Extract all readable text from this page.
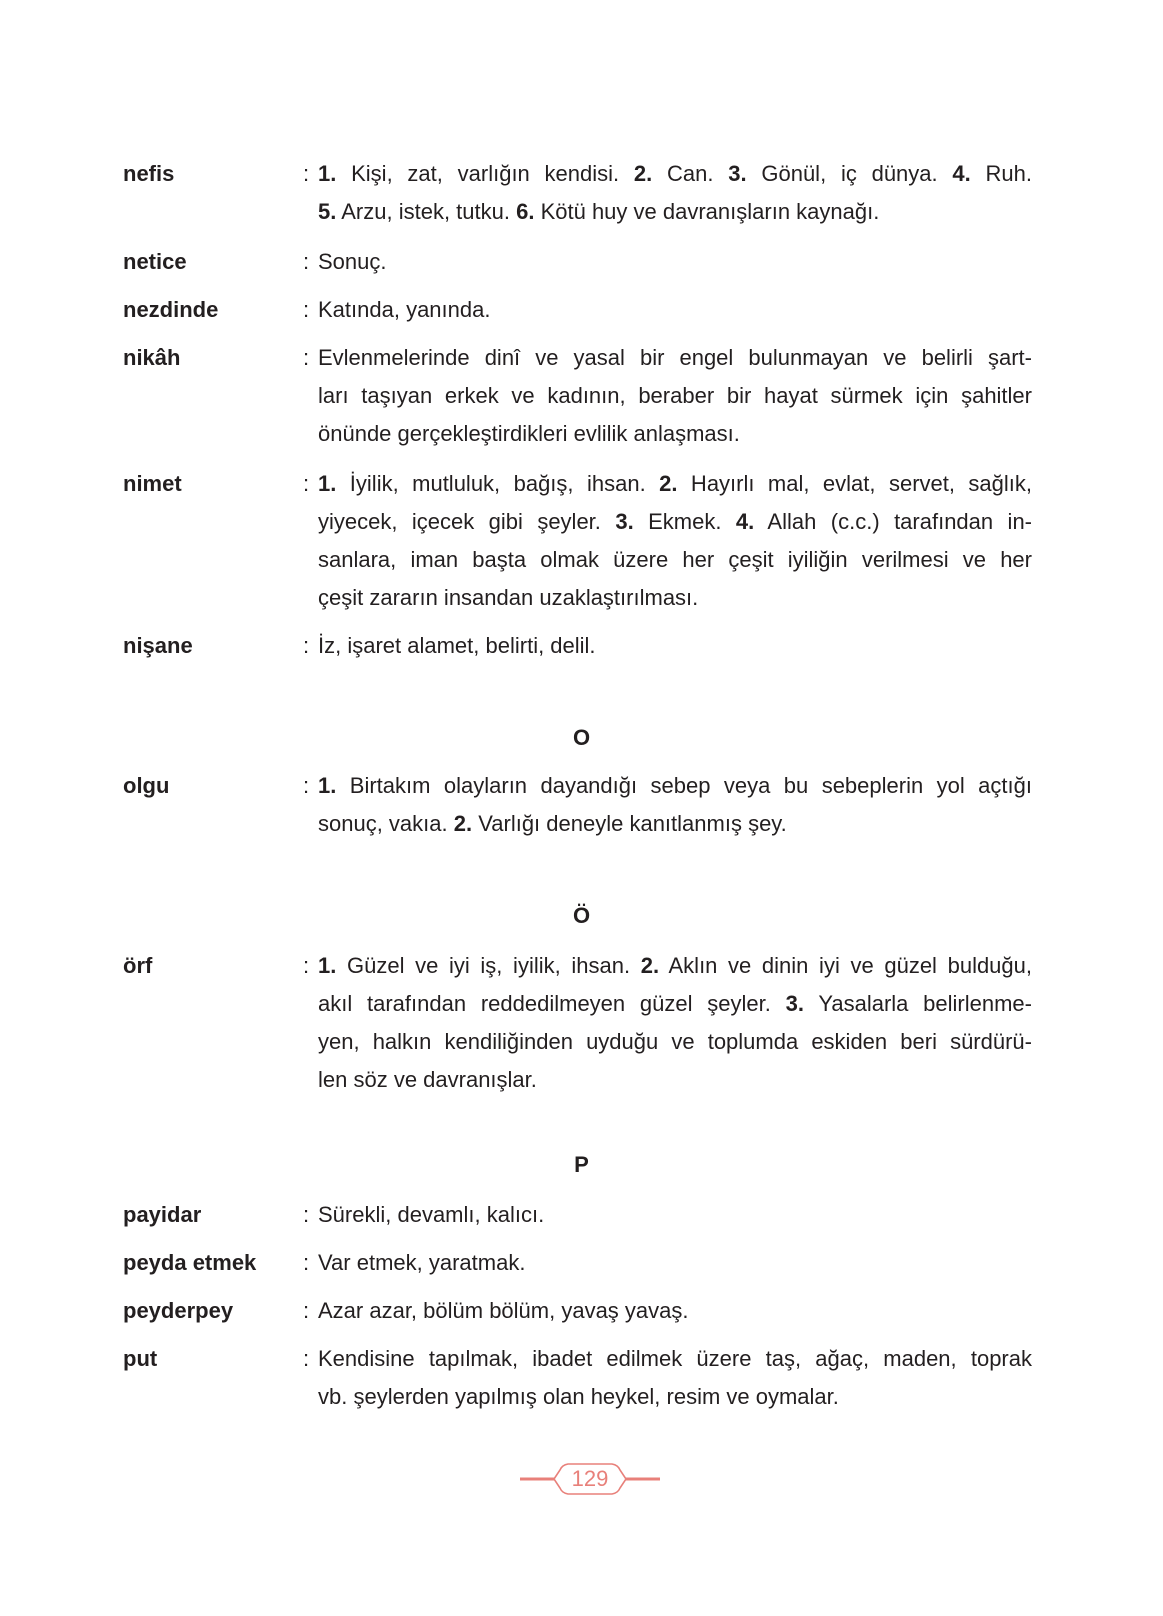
nefis	: 1. Kişi, zat, varlığın kendisi. 2. Can. 3. Gönül, iç dünya. 4. Ruh.
5. Arzu, istek, tutku. 6. Kötü huy ve davranışların kaynağı.
netice	: Sonuç.
nezdinde	: Katında, yanında.
nikâh	: Evlenmelerinde dinî ve yasal bir engel bulunmayan ve belirli şart-
ları taşıyan erkek ve kadının, beraber bir hayat sürmek için şahitler
önünde gerçekleştirdikleri evlilik anlaşması.
nimet	: 1. İyilik, mutluluk, bağış, ihsan. 2. Hayırlı mal, evlat, servet, sağlık,
yiyecek, içecek gibi şeyler. 3. Ekmek. 4. Allah (c.c.) tarafından in-
sanlara, iman başta olmak üzere her çeşit iyiliğin verilmesi ve her
çeşit zararın insandan uzaklaştırılması.
nişane	: İz, işaret alamet, belirti, delil.
olgu	: 1. Birtakım olayların dayandığı sebep veya bu sebeplerin yol açtığı
sonuç, vakıa. 2. Varlığı deneyle kanıtlanmış şey.
örf	: 1. Güzel ve iyi iş, iyilik, ihsan. 2. Aklın ve dinin iyi ve güzel bulduğu,
akıl tarafından reddedilmeyen güzel şeyler. 3. Yasalarla belirlenme-
yen, halkın kendiliğinden uyduğu ve toplumda eskiden beri sürdürü-
len söz ve davranışlar.
payidar	: Sürekli, devamlı, kalıcı.
peyda etmek : Var etmek, yaratmak.
peyderpey	: Azar azar, bölüm bölüm, yavaş yavaş.
put	: Kendisine tapılmak, ibadet edilmek üzere taş, ağaç, maden, toprak
vb. şeylerden yapılmış olan heykel, resim ve oymalar.
O
Ö
P
129
